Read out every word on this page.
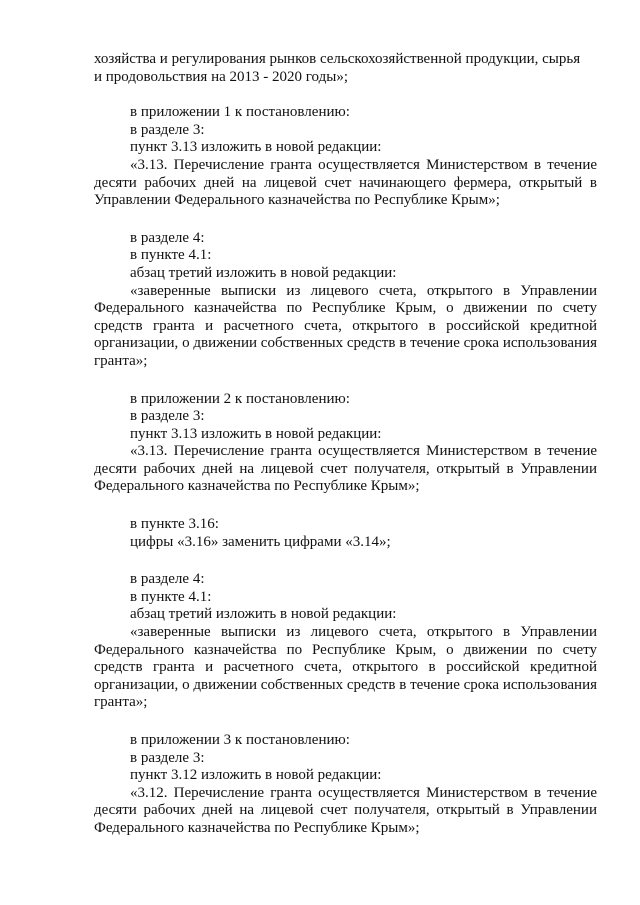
хозяйства и регулирования рынков сельскохозяйственной продукции, сырья
и продовольствия на 2013 - 2020 годы»;
в приложении 1 к постановлению:
в разделе 3:
пункт 3.13 изложить в новой редакции:

«3.13. Перечисление гранта осуществляется Министерством в течение десяти рабочих дней на лицевой счет начинающего фермера, открытый в Управлении Федерального казначейства по Республике Крым»;

в разделе 4:
в пункте 4.1:
абзац третий изложить в новой редакции:

«заверенные выписки из лицевого счета, открытого в Управлении Федерального казначейства по Республике Крым, о движении по счету средств гранта и расчетного счета, открытого в российской кредитной организации, о движении собственных средств в течение срока использования гранта»;

в приложении 2 к постановлению:
в разделе 3:
пункт 3.13 изложить в новой редакции:

«3.13. Перечисление гранта осуществляется Министерством в течение десяти рабочих дней на лицевой счет получателя, открытый в Управлении Федерального казначейства по Республике Крым»;

в пункте 3.16:
цифры «3.16» заменить цифрами «3.14»;
в разделе 4:
в пункте 4.1:
абзац третий изложить в новой редакции:

«заверенные выписки из лицевого счета, открытого в Управлении Федерального казначейства по Республике Крым, о движении по счету средств гранта и расчетного счета, открытого в российской кредитной организации, о движении собственных средств в течение срока использования гранта»;

в приложении 3 к постановлению:
в разделе 3:
пункт 3.12 изложить в новой редакции:

«3.12. Перечисление гранта осуществляется Министерством в течение десяти рабочих дней на лицевой счет получателя, открытый в Управлении Федерального казначейства по Республике Крым»;
